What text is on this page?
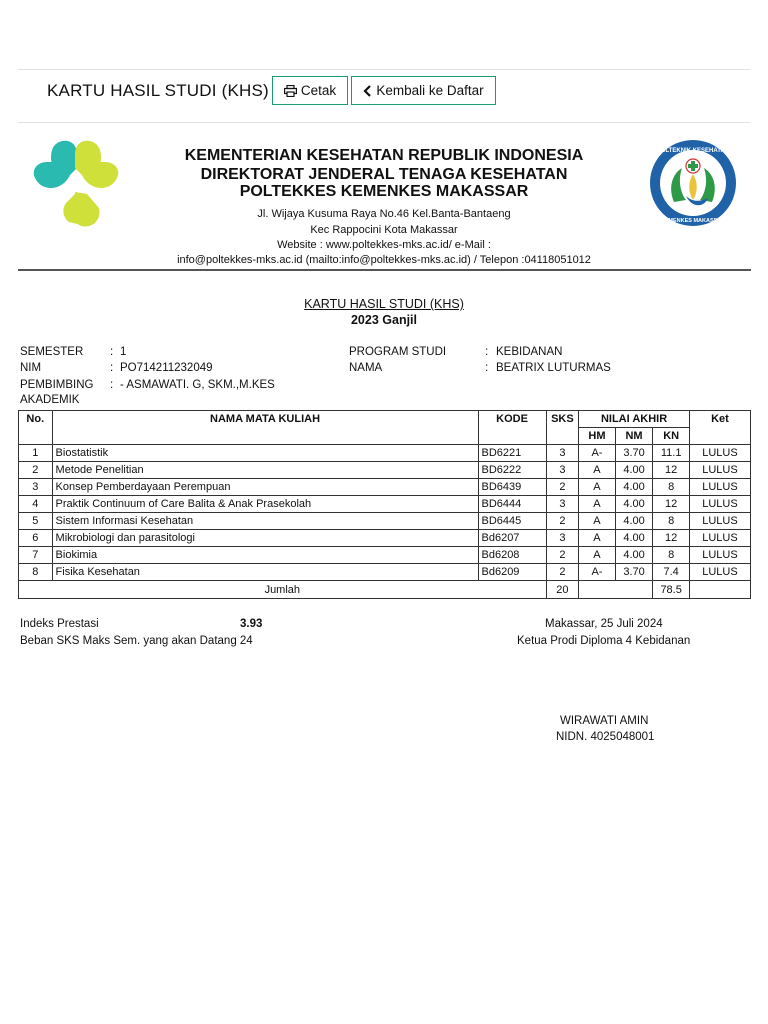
KARTU HASIL STUDI (KHS) Cetak	Kembali ke Daftar
POLTEKNIK KESEHATAN
KEMENKES MAKASSAR
KEMENTERIAN KESEHATAN REPUBLIK INDONESIA
DIREKTORAT JENDERAL TENAGA KESEHATAN
POLTEKKES KEMENKES MAKASSAR
Jl. Wijaya Kusuma Raya No.46 Kel.Banta-Bantaeng
Kec Rappocini Kota Makassar
Website : www.poltekkes-mks.ac.id/ e-Mail :
info@poltekkes-mks.ac.id (mailto:info@poltekkes-mks.ac.id) / Telepon :04118051012
KARTU HASIL STUDI (KHS)
2023 Ganjil
SEMESTER : 1
NIM	: PO714211232049
PEMBIMBING
AKADEMIK
: - ASMAWATI. G, SKM.,M.KES
PROGRAM STUDI	: KEBIDANAN
NAMA	: BEATRIX LUTURMAS
No.	NAMA MATA KULIAH	KODE	SKS	NILAI AKHIR			Ket
				HM	NM	KN	
1	Biostatistik	BD6221	3	A-	3.70	11.1	LULUS
2	Metode Penelitian	BD6222	3	A	4.00	12	LULUS
3	Konsep Pemberdayaan Perempuan	BD6439	2	A	4.00	8	LULUS
4	Praktik Continuum of Care Balita & Anak Prasekolah	BD6444	3	A	4.00	12	LULUS
5	Sistem Informasi Kesehatan	BD6445	2	A	4.00	8	LULUS
6	Mikrobiologi dan parasitologi	Bd6207	3	A	4.00	12	LULUS
7	Biokimia	Bd6208	2	A	4.00	8	LULUS
8	Fisika Kesehatan	Bd6209	2	A-	3.70	7.4	LULUS
Jumlah			20			78.5	
Indeks Prestasi	3.93
Beban SKS Maks Sem. yang akan Datang 24
Makassar, 25 Juli 2024
Ketua Prodi Diploma 4 Kebidanan
WIRAWATI AMIN
NIDN. 4025048001
